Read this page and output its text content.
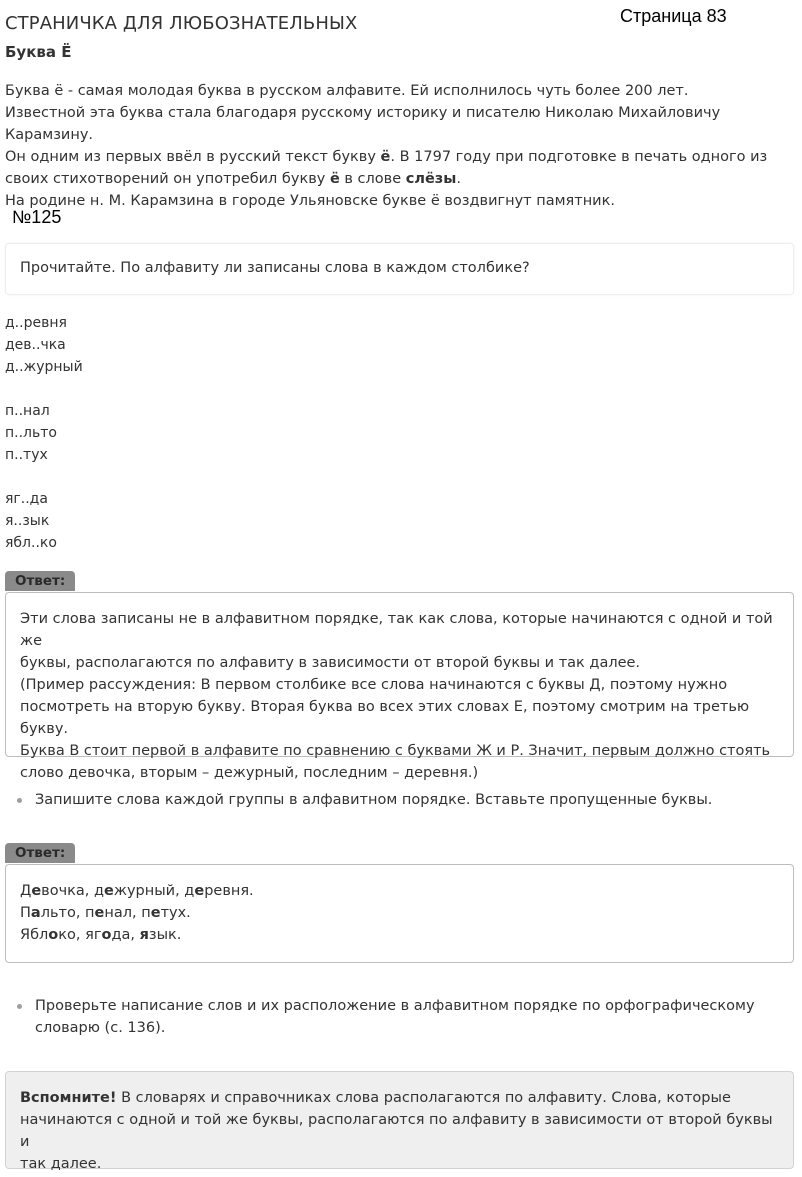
Страница 83
СТРАНИЧКА ДЛЯ ЛЮБОЗНАТЕЛЬНЫХ
Буква Ё

Буква ё - самая молодая буква в русском алфавите. Ей исполнилось чуть более 200 лет.

Известной эта буква стала благодаря русскому историку и писателю Николаю Михайловичу Карамзину.

Он одним из первых ввёл в русский текст букву ё. В 1797 году при подготовке в печать одного из

своих стихотворений он употребил букву ё в слове слёзы.

На родине н. М. Карамзина в городе Ульяновске букве ё воздвигнут памятник.

№125
Прочитайте. По алфавиту ли записаны слова в каждом столбике?
д..ревня
дев..чка
д..журный
п..нал
п..льто
п..тух
яг..да
я..зык
ябл..ко
Ответ:

Эти слова записаны не в алфавитном порядке, так как слова, которые начинаются с одной и той же

буквы, располагаются по алфавиту в зависимости от второй буквы и так далее.

(Пример рассуждения: В первом столбике все слова начинаются с буквы Д, поэтому нужно

посмотреть на вторую букву. Вторая буква во всех этих словах Е, поэтому смотрим на третью букву.

Буква В стоит первой в алфавите по сравнению с буквами Ж и Р. Значит, первым должно стоять

слово девочка, вторым – дежурный, последним – деревня.)

Запишите слова каждой группы в алфавитном порядке. Вставьте пропущенные буквы.
Ответ:

Девочка, дежурный, деревня.

Пальто, пенал, петух.

Яблоко, ягода, язык.

Проверьте написание слов и их расположение в алфавитном порядке по орфографическому
словарю (с. 136).
Вспомните! В словарях и справочниках слова располагаются по алфавиту. Слова, которые
начинаются с одной и той же буквы, располагаются по алфавиту в зависимости от второй буквы и
так далее.
